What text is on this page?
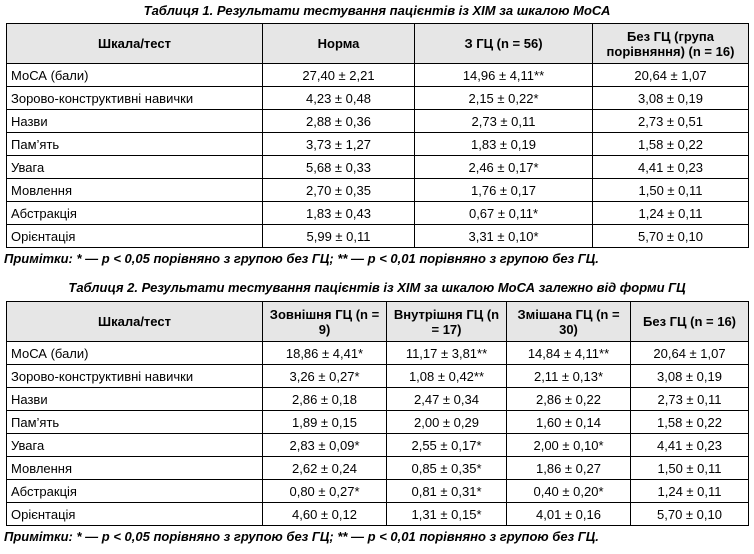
Таблиця 1. Результати тестування пацієнтів із ХІМ за шкалою МоСА
Шкала/тест	Норма	З ГЦ (n = 56)	Без ГЦ (група порівняння) (n = 16)
МоСА (бали)	27,40 ± 2,21	14,96 ± 4,11**	20,64 ± 1,07
Зорово-конструктивні навички	4,23 ± 0,48	2,15 ± 0,22*	3,08 ± 0,19
Назви	2,88 ± 0,36	2,73 ± 0,11	2,73 ± 0,51
Пам’ять	3,73 ± 1,27	1,83 ± 0,19	1,58 ± 0,22
Увага	5,68 ± 0,33	2,46 ± 0,17*	4,41 ± 0,23
Мовлення	2,70 ± 0,35	1,76 ± 0,17	1,50 ± 0,11
Абстракція	1,83 ± 0,43	0,67 ± 0,11*	1,24 ± 0,11
Орієнтація	5,99 ± 0,11	3,31 ± 0,10*	5,70 ± 0,10
Примітки: * — р < 0,05 порівняно з групою без ГЦ; ** — р < 0,01 порівняно з групою без ГЦ.
Таблиця 2. Результати тестування пацієнтів із ХІМ за шкалою МоСА залежно від форми ГЦ
Шкала/тест	Зовнішня ГЦ (n = 9)	Внутрішня ГЦ (n = 17)	Змішана ГЦ (n = 30)	Без ГЦ (n = 16)
МоСА (бали)	18,86 ± 4,41*	11,17 ± 3,81**	14,84 ± 4,11**	20,64 ± 1,07
Зорово-конструктивні навички	3,26 ± 0,27*	1,08 ± 0,42**	2,11 ± 0,13*	3,08 ± 0,19
Назви	2,86 ± 0,18	2,47 ± 0,34	2,86 ± 0,22	2,73 ± 0,11
Пам’ять	1,89 ± 0,15	2,00 ± 0,29	1,60 ± 0,14	1,58 ± 0,22
Увага	2,83 ± 0,09*	2,55 ± 0,17*	2,00 ± 0,10*	4,41 ± 0,23
Мовлення	2,62 ± 0,24	0,85 ± 0,35*	1,86 ± 0,27	1,50 ± 0,11
Абстракція	0,80 ± 0,27*	0,81 ± 0,31*	0,40 ± 0,20*	1,24 ± 0,11
Орієнтація	4,60 ± 0,12	1,31 ± 0,15*	4,01 ± 0,16	5,70 ± 0,10
Примітки: * — р < 0,05 порівняно з групою без ГЦ; ** — р < 0,01 порівняно з групою без ГЦ.
